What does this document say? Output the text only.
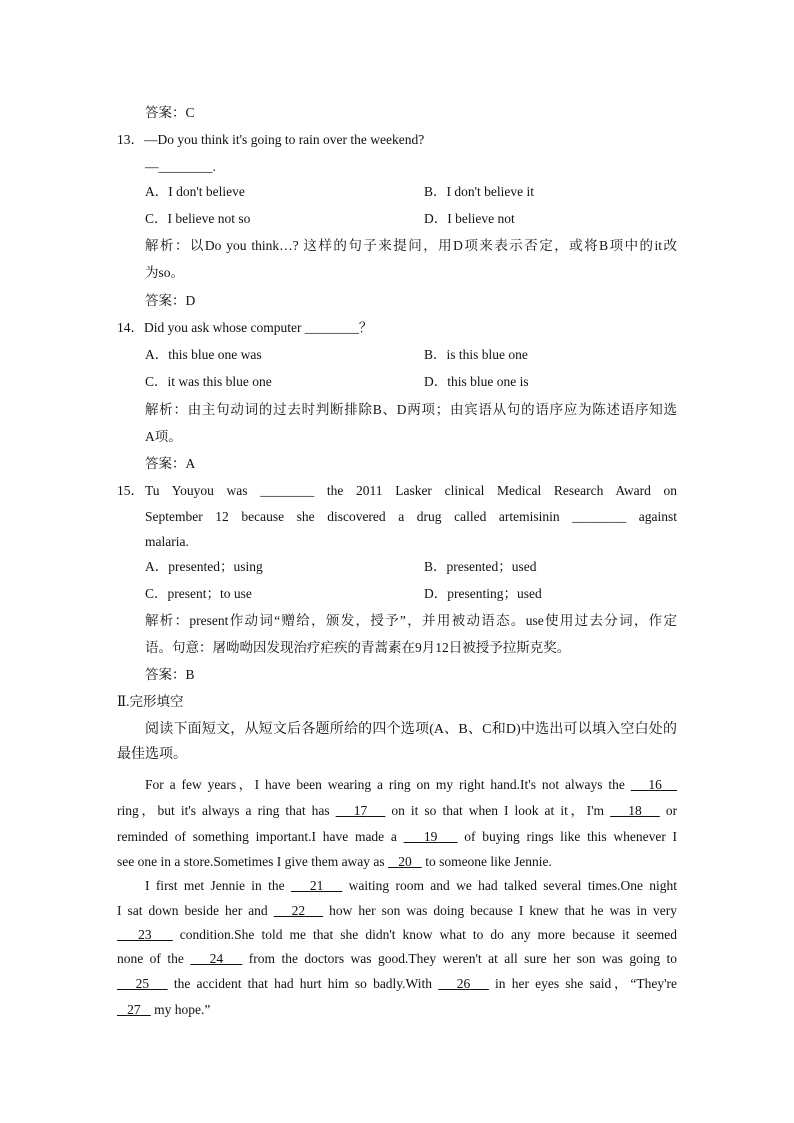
答案：C
13．—Do you think it's going to rain over the weekend?
—________.
A．I don't believe	B．I don't believe it
C．I believe not so	D．I believe not
解析：以Do you think…? 这样的句子来提问，用D项来表示否定，或将B项中的it改
为so。
答案：D
14．Did you ask whose computer ________？
A．this blue one was	B．is this blue one
C．it was this blue one	D．this blue one is
解析：由主句动词的过去时判断排除B、D两项；由宾语从句的语序应为陈述语序知选
A项。
答案：A
15． Tu Youyou was ________ the 2011 Lasker clinical Medical Research Award on
September 12 because she discovered a drug called artemisinin ________ against
malaria.
A．presented；using	B．presented；used
C．present；to use	D．presenting；used
解析：present作动词“赠给，颁发，授予”，并用被动语态。use使用过去分词，作定
语。句意：屠呦呦因发现治疗疟疾的青蒿素在9月12日被授予拉斯克奖。
答案：B
Ⅱ.完形填空
阅读下面短文，从短文后各题所给的四个选项(A、B、C和D)中选出可以填入空白处的
最佳选项。
For a few years，I have been wearing a ring on my right hand.It's not always the 16
ring，but it's always a ring that has 17 on it so that when I look at it，I'm 18 or
reminded of something important.I have made a 19 of buying rings like this whenever I
see one in a store.Sometimes I give them away as 20 to someone like Jennie.
I first met Jennie in the 21 waiting room and we had talked several times.One night
I sat down beside her and 22 how her son was doing because I knew that he was in very
23 condition.She told me that she didn't know what to do any more because it seemed
none of the 24 from the doctors was good.They weren't at all sure her son was going to
25 the accident that had hurt him so badly.With 26 in her eyes she said，“They're
27 my hope.”
